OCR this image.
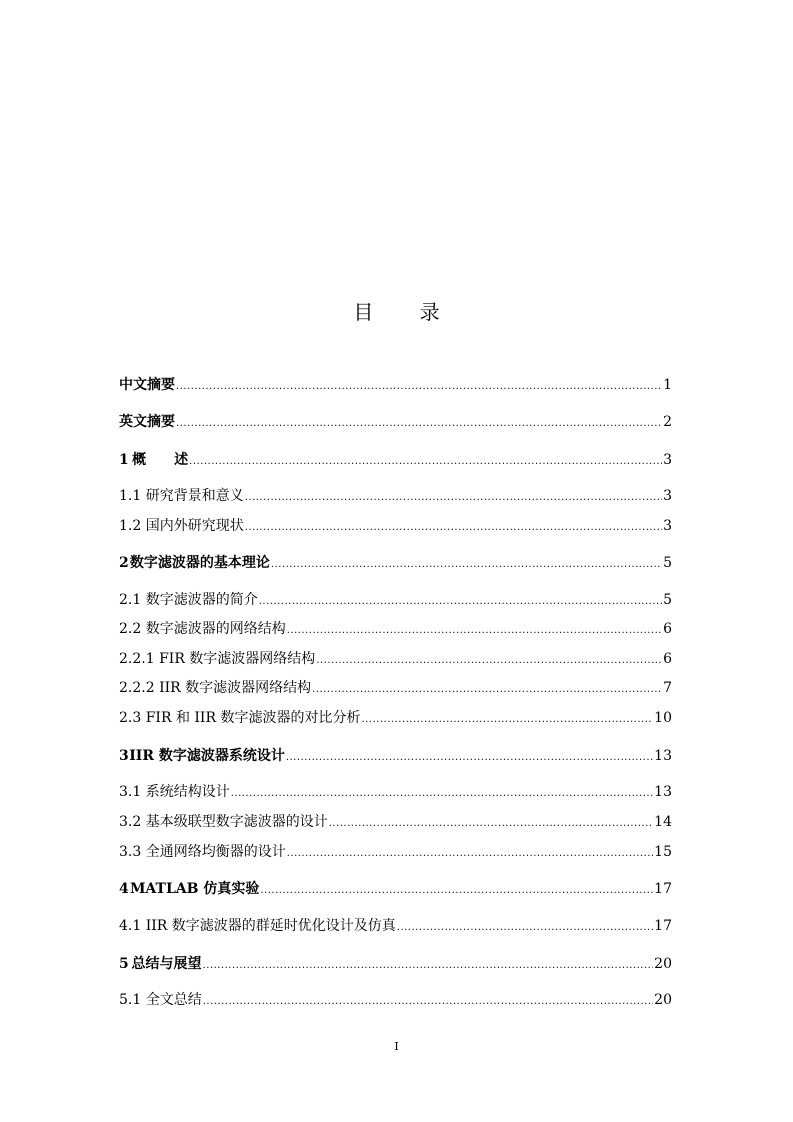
目 录
中文摘要 .....	1
英文摘要 .....	2
1 概　　述 .....	3
1.1 研究背景和意义 .....	3
1.2 国内外研究现状 .....	3
2 数字滤波器的基本理论 .....	5
2.1 数字滤波器的简介 .....	5
2.2 数字滤波器的网络结构 .....	6
2.2.1 FIR 数字滤波器网络结构 .....	6
2.2.2 IIR 数字滤波器网络结构 .....	7
2.3 FIR 和 IIR 数字滤波器的对比分析 .....	10
3 IIR 数字滤波器系统设计 .....	13
3.1 系统结构设计 .....	13
3.2 基本级联型数字滤波器的设计 .....	14
3.3 全通网络均衡器的设计 .....	15
4 MATLAB 仿真实验 .....	17
4.1 IIR 数字滤波器的群延时优化设计及仿真 .....	17
5 总结与展望 .....	20
5.1 全文总结 .....	20
I
